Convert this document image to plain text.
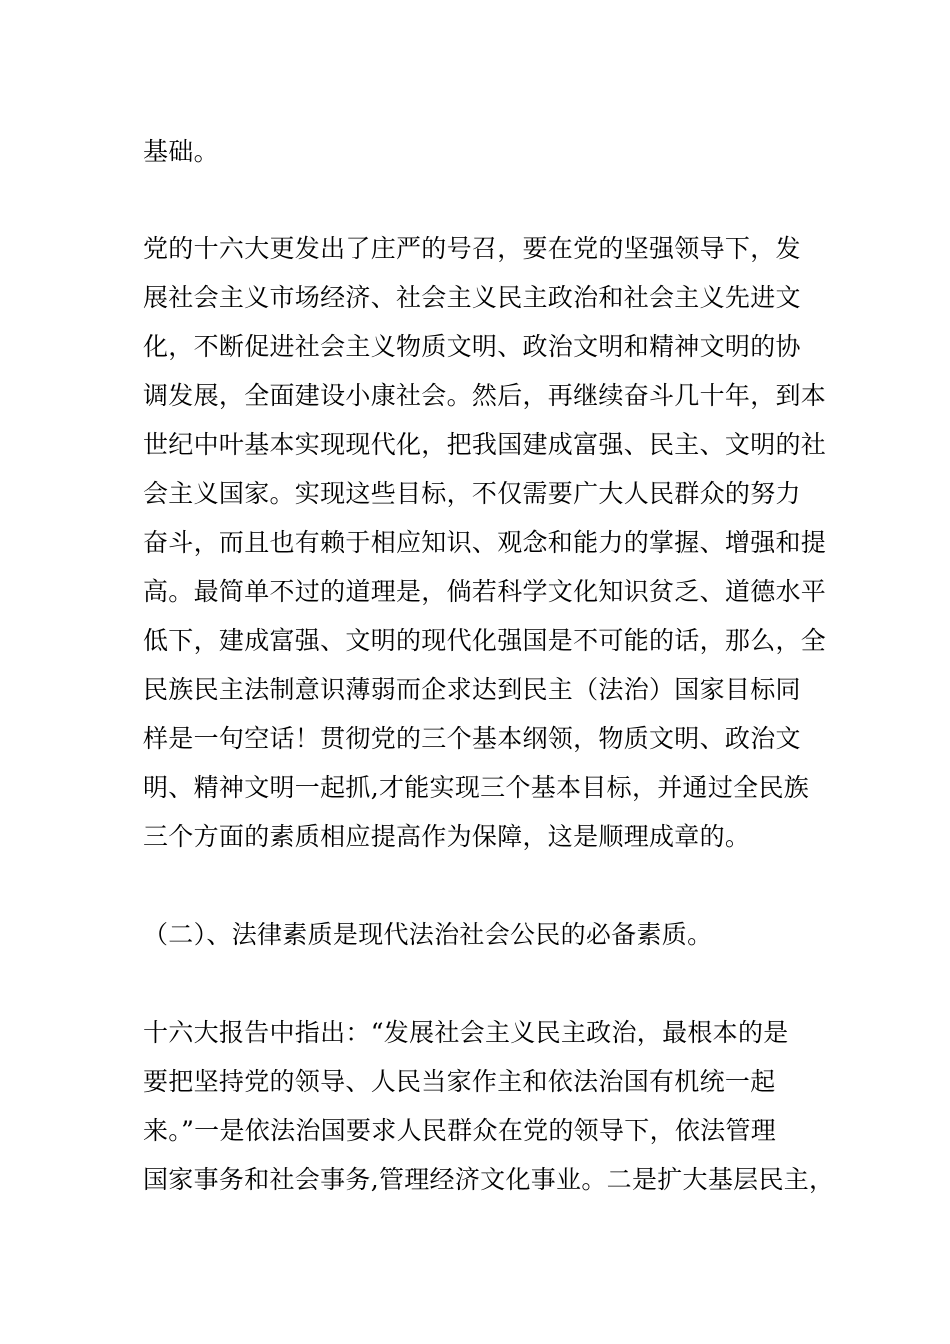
基础。
党的十六大更发出了庄严的号召，要在党的坚强领导下，发
展社会主义市场经济、社会主义民主政治和社会主义先进文
化，不断促进社会主义物质文明、政治文明和精神文明的协
调发展，全面建设小康社会。然后，再继续奋斗几十年，到本
世纪中叶基本实现现代化，把我国建成富强、民主、文明的社
会主义国家。实现这些目标，不仅需要广大人民群众的努力
奋斗，而且也有赖于相应知识、观念和能力的掌握、增强和提
高。最简单不过的道理是，倘若科学文化知识贫乏、道德水平
低下，建成富强、文明的现代化强国是不可能的话，那么，全
民族民主法制意识薄弱而企求达到民主（法治）国家目标同
样是一句空话！贯彻党的三个基本纲领，物质文明、政治文
明、精神文明一起抓,才能实现三个基本目标，并通过全民族
三个方面的素质相应提高作为保障，这是顺理成章的。
（二）、法律素质是现代法治社会公民的必备素质。
十六大报告中指出：“发展社会主义民主政治，最根本的是
要把坚持党的领导、人民当家作主和依法治国有机统一起
来。”一是依法治国要求人民群众在党的领导下，依法管理
国家事务和社会事务,管理经济文化事业。二是扩大基层民主，
